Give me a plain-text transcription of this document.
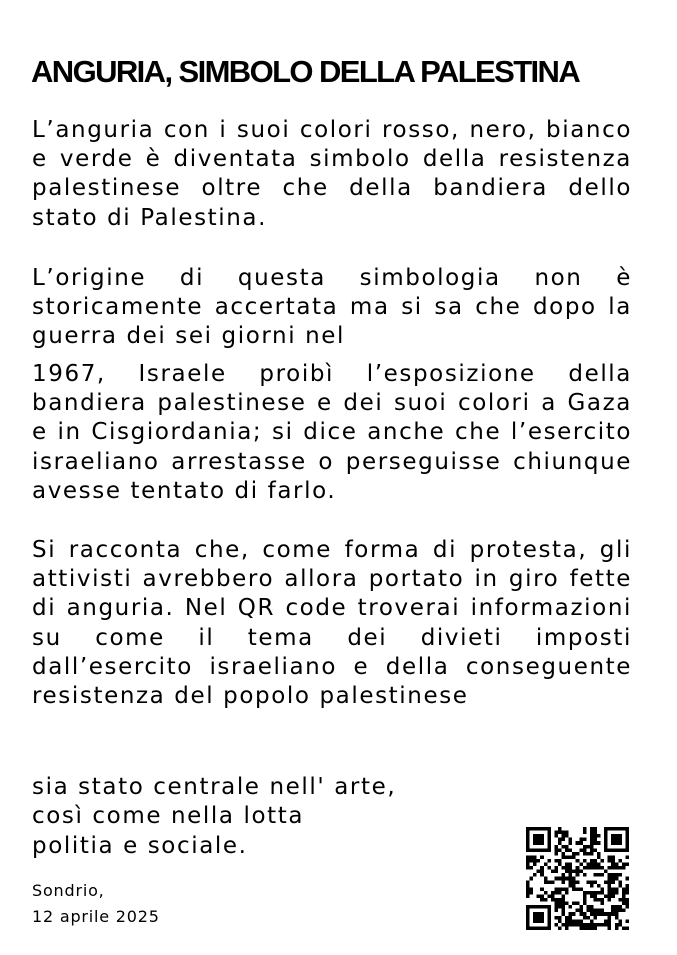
ANGURIA, SIMBOLO DELLA PALESTINA
L’anguria con i suoi colori rosso, nero, bianco e verde è diventata simbolo della resistenza palestinese oltre che della bandiera dello stato di Palestina.
L’origine di questa simbologia non è storicamente accertata ma si sa che dopo la guerra dei sei giorni nel
1967, Israele proibì l’esposizione della bandiera palestinese e dei suoi colori a Gaza e in Cisgiordania; si dice anche che l’esercito israeliano arrestasse o perseguisse chiunque avesse tentato di farlo.
Si racconta che, come forma di protesta, gli attivisti avrebbero allora portato in giro fette di anguria. Nel QR code troverai informazioni su come il tema dei divieti imposti dall’esercito israeliano e della conseguente resistenza del popolo palestinese
sia stato centrale nell' arte,
così come nella lotta
politia e sociale.
Sondrio,
12 aprile 2025
